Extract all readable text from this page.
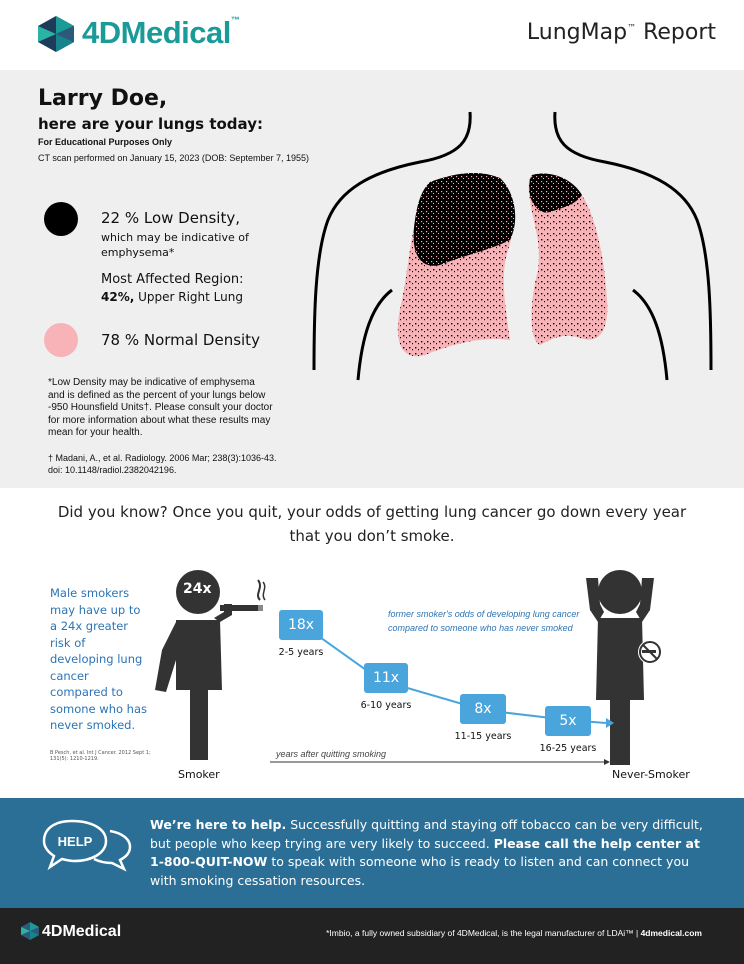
4DMedical™	LungMap™ Report
Larry Doe,
here are your lungs today:
For Educational Purposes Only
CT scan performed on January 15, 2023 (DOB: September 7, 1955)
22 % Low Density,
which may be indicative of emphysema*
Most Affected Region:
42%, Upper Right Lung
78 % Normal Density
*Low Density may be indicative of emphysema and is defined as the percent of your lungs below -950 Hounsfield Units†. Please consult your doctor for more information about what these results may mean for your health.
† Madani, A., et al. Radiology. 2006 Mar; 238(3):1036-43. doi: 10.1148/radiol.2382042196.
Did you know? Once you quit, your odds of getting lung cancer go down every year
that you don’t smoke.
Male smokers may have up to a 24x greater risk of developing lung cancer compared to somone who has never smoked.
B Pesch, et al. Int J Cancer. 2012 Sept 1; 131(5): 1210-1219.
24x
Smoker	Never-Smoker
former smoker's odds of developing lung cancer compared to someone who has never smoked
years after quitting smoking
18x
2-5 years
11x
6-10 years	8x
11-15 years
5x
16-25 years
HELP
We’re here to help. Successfully quitting and staying off tobacco can be very difficult, but people who keep trying are very likely to succeed. Please call the help center at 1-800-QUIT-NOW to speak with someone who is ready to listen and can connect you with smoking cessation resources.
4DMedical	*Imbio, a fully owned subsidiary of 4DMedical, is the legal manufacturer of LDAi™ | 4dmedical.com
